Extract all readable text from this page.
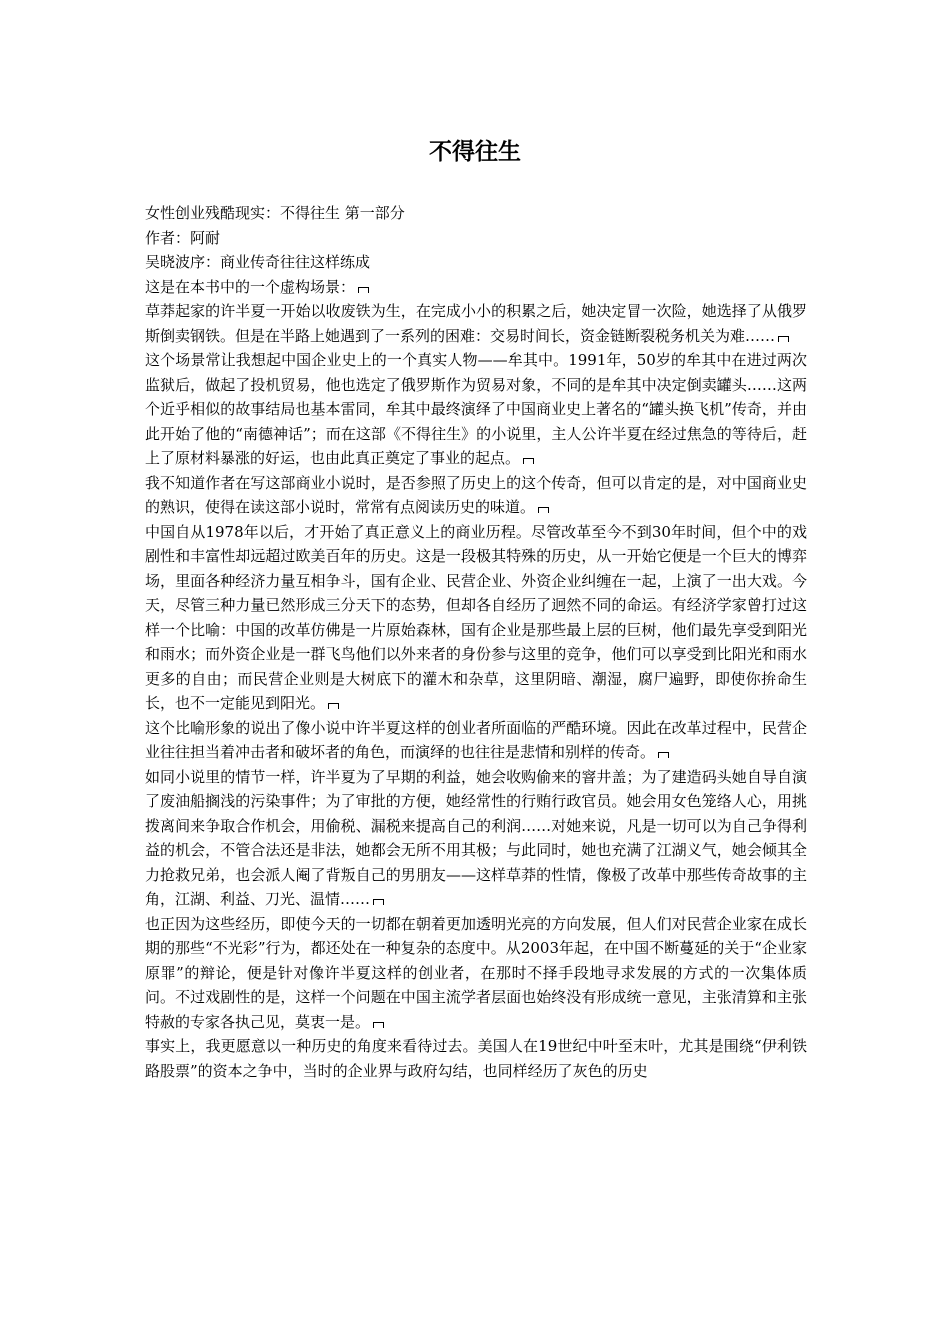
不得往生

女性创业残酷现实：不得往生 第一部分

作者：阿耐

吴晓波序：商业传奇往往这样练成

这是在本书中的一个虚构场景：

草莽起家的许半夏一开始以收废铁为生，在完成小小的积累之后，她决定冒一次险，她选择了从俄罗斯倒卖钢铁。但是在半路上她遇到了一系列的困难：交易时间长，资金链断裂税务机关为难……

这个场景常让我想起中国企业史上的一个真实人物——牟其中。1991年，50岁的牟其中在进过两次监狱后，做起了投机贸易，他也选定了俄罗斯作为贸易对象，不同的是牟其中决定倒卖罐头……这两个近乎相似的故事结局也基本雷同，牟其中最终演绎了中国商业史上著名的“罐头换飞机”传奇，并由此开始了他的“南德神话”；而在这部《不得往生》的小说里，主人公许半夏在经过焦急的等待后，赶上了原材料暴涨的好运，也由此真正奠定了事业的起点。

我不知道作者在写这部商业小说时，是否参照了历史上的这个传奇，但可以肯定的是，对中国商业史的熟识，使得在读这部小说时，常常有点阅读历史的味道。

中国自从1978年以后，才开始了真正意义上的商业历程。尽管改革至今不到30年时间，但个中的戏剧性和丰富性却远超过欧美百年的历史。这是一段极其特殊的历史，从一开始它便是一个巨大的博弈场，里面各种经济力量互相争斗，国有企业、民营企业、外资企业纠缠在一起，上演了一出大戏。今天，尽管三种力量已然形成三分天下的态势，但却各自经历了迥然不同的命运。有经济学家曾打过这样一个比喻：中国的改革仿佛是一片原始森林，国有企业是那些最上层的巨树，他们最先享受到阳光和雨水；而外资企业是一群飞鸟他们以外来者的身份参与这里的竞争，他们可以享受到比阳光和雨水更多的自由；而民营企业则是大树底下的灌木和杂草，这里阴暗、潮湿，腐尸遍野，即使你拚命生长，也不一定能见到阳光。

这个比喻形象的说出了像小说中许半夏这样的创业者所面临的严酷环境。因此在改革过程中，民营企业往往担当着冲击者和破坏者的角色，而演绎的也往往是悲情和别样的传奇。

如同小说里的情节一样，许半夏为了早期的利益，她会收购偷来的窨井盖；为了建造码头她自导自演了废油船搁浅的污染事件；为了审批的方便，她经常性的行贿行政官员。她会用女色笼络人心，用挑拨离间来争取合作机会，用偷税、漏税来提高自己的利润……对她来说，凡是一切可以为自己争得利益的机会，不管合法还是非法，她都会无所不用其极；与此同时，她也充满了江湖义气，她会倾其全力抢救兄弟，也会派人阉了背叛自己的男朋友——这样草莽的性情，像极了改革中那些传奇故事的主角，江湖、利益、刀光、温情……

也正因为这些经历，即使今天的一切都在朝着更加透明光亮的方向发展，但人们对民营企业家在成长期的那些“不光彩”行为，都还处在一种复杂的态度中。从2003年起，在中国不断蔓延的关于“企业家原罪”的辩论，便是针对像许半夏这样的创业者，在那时不择手段地寻求发展的方式的一次集体质问。不过戏剧性的是，这样一个问题在中国主流学者层面也始终没有形成统一意见，主张清算和主张特赦的专家各执己见，莫衷一是。

事实上，我更愿意以一种历史的角度来看待过去。美国人在19世纪中叶至末叶，尤其是围绕“伊利铁路股票”的资本之争中，当时的企业界与政府勾结，也同样经历了灰色的历史
